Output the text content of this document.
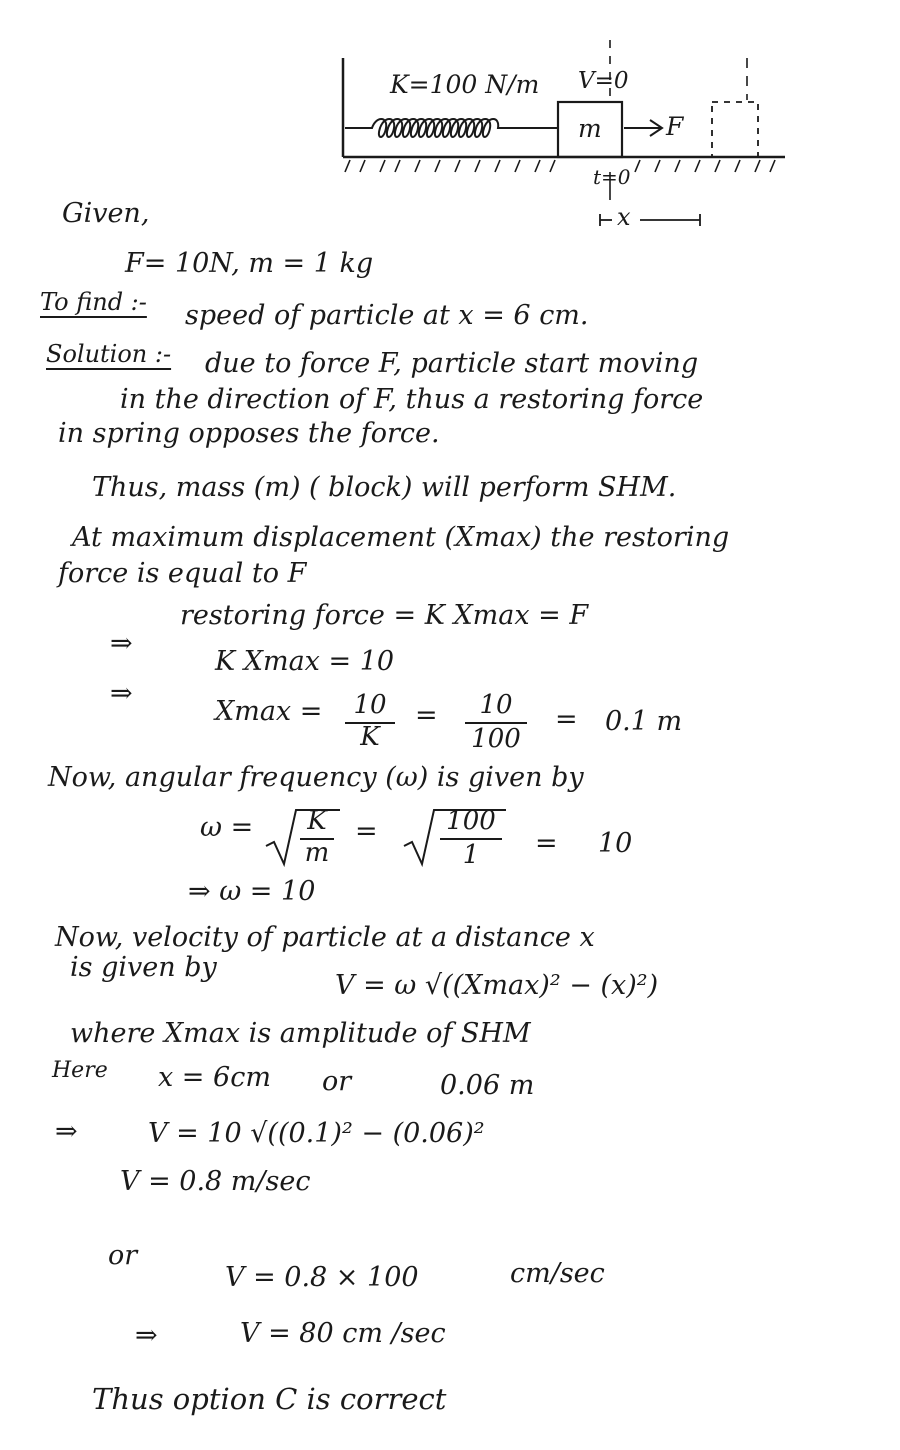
K=100 N/m V=0
m	F
t=0
x
Given,
F= 10N, m = 1 kg
To find :- speed of particle at x = 6 cm.
Solution :- due to force F, particle start moving
in the direction of F, thus a restoring force
in spring opposes the force.
Thus, mass (m) ( block) will perform SHM.
At maximum displacement (Xmax) the restoring
force is equal to F
restoring force = K Xmax = F
⇒
K Xmax = 10
⇒
Xmax =	10
K
=	10
100
= 0.1 m
Now, angular frequency (ω) is given by
ω = K
m
=	100
1	= 10
⇒ ω = 10
Now, velocity of particle at a distance x
is given by
V = ω √((Xmax)² − (x)²)
where Xmax is amplitude of SHM
Here x = 6cm or	0.06 m
⇒	V = 10 √((0.1)² − (0.06)²
V = 0.8 m/sec
or
V = 0.8 × 100	cm/sec
⇒	V = 80 cm /sec
Thus option C is correct
